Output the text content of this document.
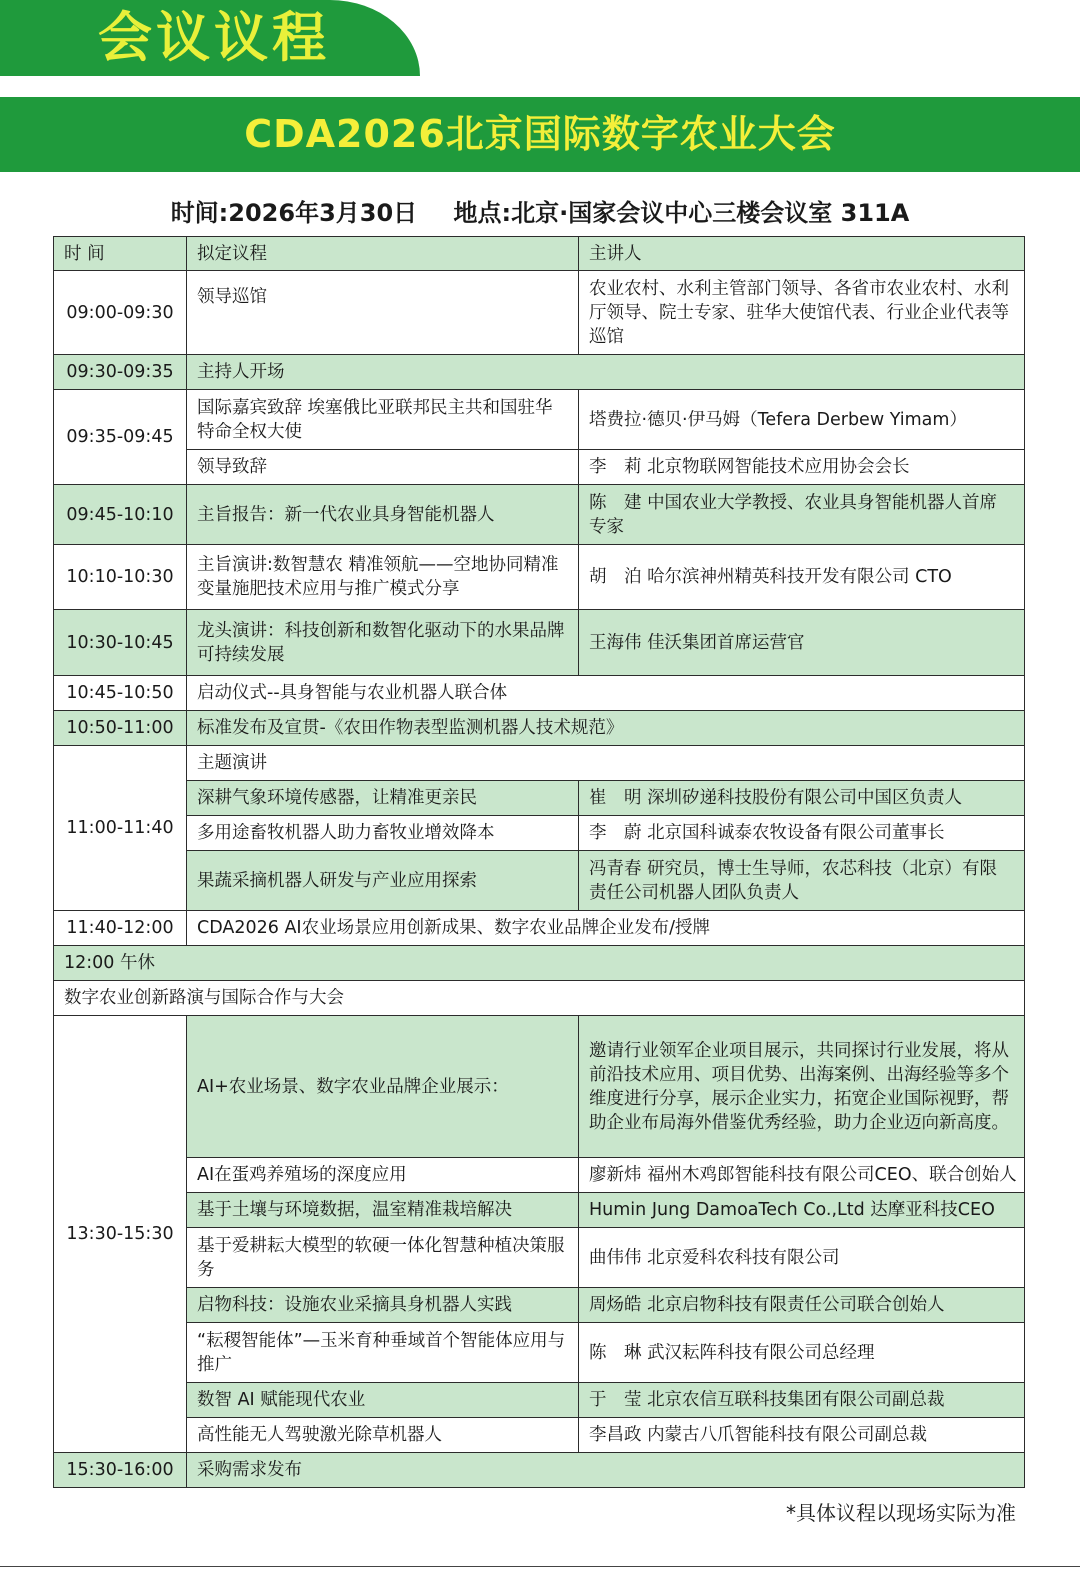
会议议程
CDA2026北京国际数字农业大会
时间:2026年3月30日 地点:北京·国家会议中心三楼会议室 311A
时 间	拟定议程	主讲人
09:00-09:30	领导巡馆	农业农村、水利主管部门领导、各省市农业农村、水利厅领导、院士专家、驻华大使馆代表、行业企业代表等巡馆
09:30-09:35	主持人开场	
09:35-09:45	国际嘉宾致辞 埃塞俄比亚联邦民主共和国驻华特命全权大使	塔费拉·德贝·伊马姆（Tefera Derbew Yimam）
	领导致辞	李　莉 北京物联网智能技术应用协会会长
09:45-10:10	主旨报告：新一代农业具身智能机器人	陈　建 中国农业大学教授、农业具身智能机器人首席专家
10:10-10:30	主旨演讲:数智慧农 精准领航——空地协同精准变量施肥技术应用与推广模式分享	胡　泊 哈尔滨神州精英科技开发有限公司 CTO
10:30-10:45	龙头演讲：科技创新和数智化驱动下的水果品牌可持续发展	王海伟 佳沃集团首席运营官
10:45-10:50	启动仪式--具身智能与农业机器人联合体	
10:50-11:00	标准发布及宣贯-《农田作物表型监测机器人技术规范》	
11:00-11:40	主题演讲	
	深耕气象环境传感器，让精准更亲民	崔　明 深圳矽递科技股份有限公司中国区负责人
	多用途畜牧机器人助力畜牧业增效降本	李　蔚 北京国科诚泰农牧设备有限公司董事长
	果蔬采摘机器人研发与产业应用探索	冯青春 研究员，博士生导师，农芯科技（北京）有限责任公司机器人团队负责人
11:40-12:00	CDA2026 AI农业场景应用创新成果、数字农业品牌企业发布/授牌	
12:00 午休		
数字农业创新路演与国际合作与大会		
13:30-15:30	AI+农业场景、数字农业品牌企业展示：	邀请行业领军企业项目展示，共同探讨行业发展，将从前沿技术应用、项目优势、出海案例、出海经验等多个维度进行分享，展示企业实力，拓宽企业国际视野，帮助企业布局海外借鉴优秀经验，助力企业迈向新高度。
	AI在蛋鸡养殖场的深度应用	廖新炜 福州木鸡郎智能科技有限公司CEO、联合创始人
	基于土壤与环境数据，温室精准栽培解决	Humin Jung DamoaTech Co.,Ltd 达摩亚科技CEO
	基于爱耕耘大模型的软硬一体化智慧种植决策服务	曲伟伟 北京爱科农科技有限公司
	启物科技：设施农业采摘具身机器人实践	周炀皓 北京启物科技有限责任公司联合创始人
	“耘稷智能体”—玉米育种垂域首个智能体应用与推广	陈　琳 武汉耘阵科技有限公司总经理
	数智 AI 赋能现代农业	于　莹 北京农信互联科技集团有限公司副总裁
	高性能无人驾驶激光除草机器人	李昌政 内蒙古八爪智能科技有限公司副总裁
15:30-16:00	采购需求发布	
*具体议程以现场实际为准
